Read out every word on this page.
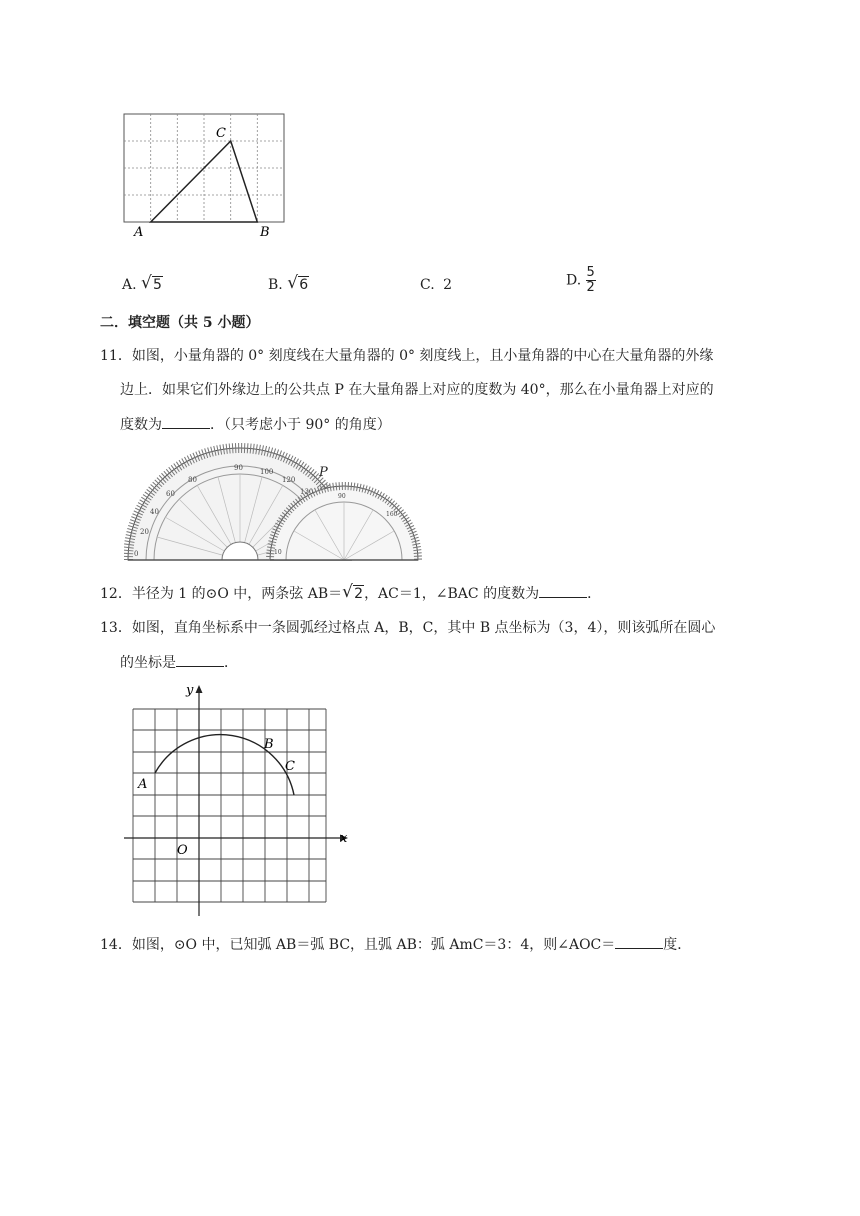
A	B
C
A. √ 5	B. √ 6	C. 2	D. $\frac{5}{2}$
二．填空题（共 5 小题）
11．如图，小量角器的 0° 刻度线在大量角器的 0° 刻度线上，且小量角器的中心在大量角器的外缘
边上．如果它们外缘边上的公共点 P 在大量角器上对应的度数为 40°，那么在小量角器上对应的
度数为	．（只考虑小于 90° 的角度）
0
20
40
60
80
90 100
120
130
90
160
10
P
12．半径为 1 的⊙O 中，两条弦 AB＝ √ 2，AC＝1，∠BAC 的度数为	．
13．如图，直角坐标系中一条圆弧经过格点 A，B，C，其中 B 点坐标为（3，4），则该弧所在圆心
的坐标是	．
x
y
O
A
B
C
14．如图，⊙O 中，已知弧 AB＝弧 BC，且弧 AB：弧 AmC＝3：4，则∠AOC＝	度．
